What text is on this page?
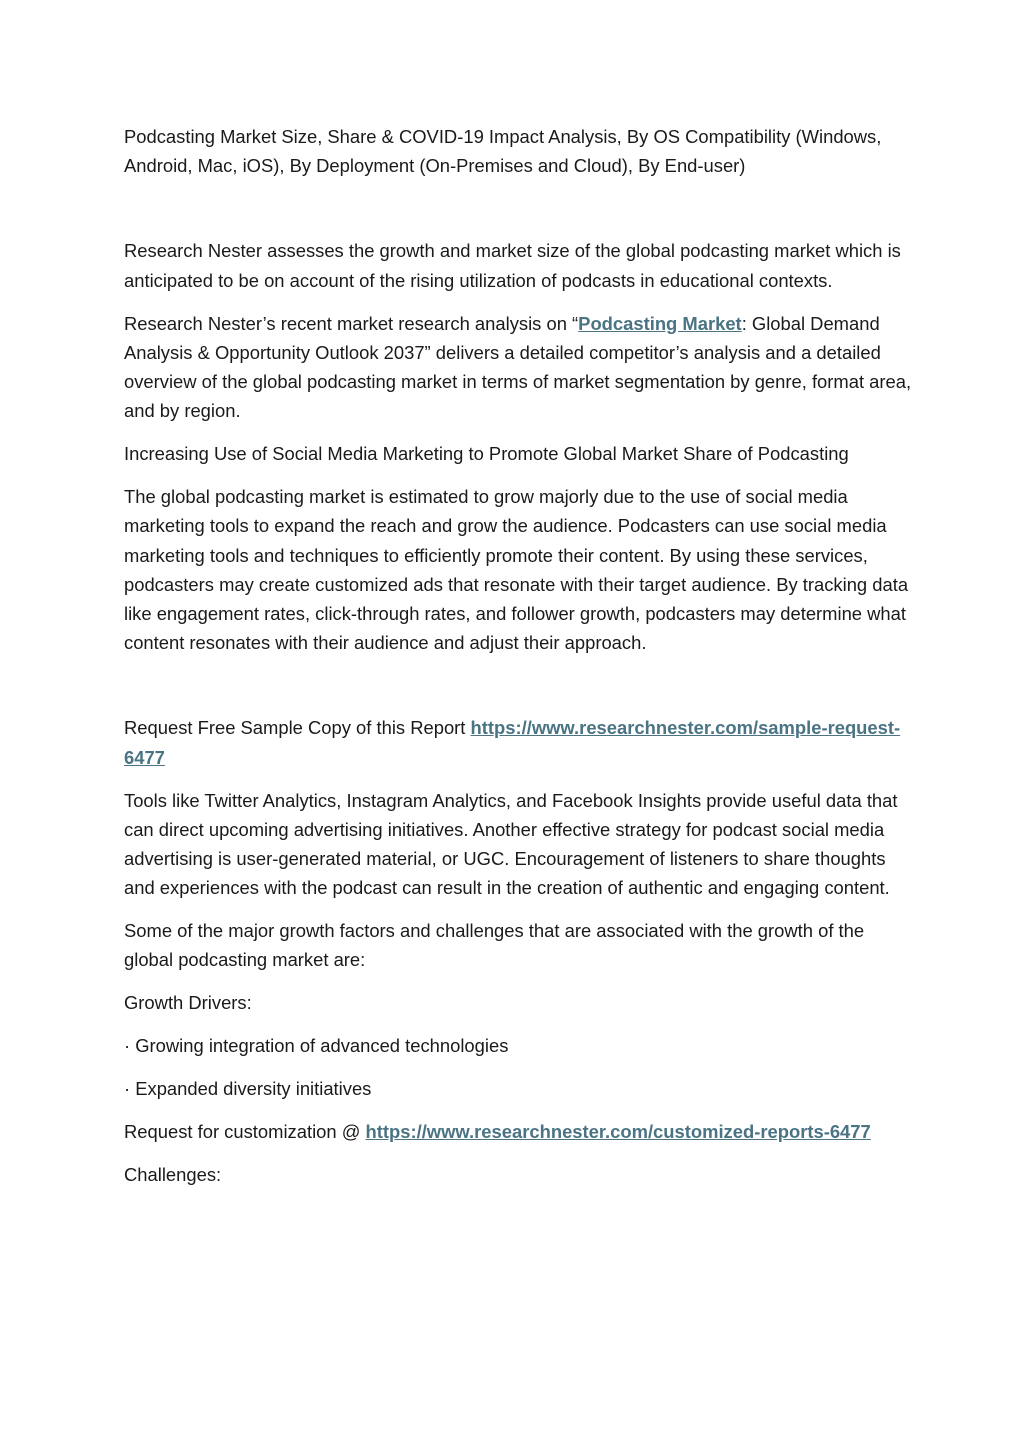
Podcasting Market Size, Share & COVID-19 Impact Analysis, By OS Compatibility (Windows, Android, Mac, iOS), By Deployment (On-Premises and Cloud), By End-user)

Research Nester assesses the growth and market size of the global podcasting market which is anticipated to be on account of the rising utilization of podcasts in educational contexts.

Research Nester’s recent market research analysis on “Podcasting Market: Global Demand Analysis & Opportunity Outlook 2037” delivers a detailed competitor’s analysis and a detailed overview of the global podcasting market in terms of market segmentation by genre, format area, and by region.

Increasing Use of Social Media Marketing to Promote Global Market Share of Podcasting

The global podcasting market is estimated to grow majorly due to the use of social media marketing tools to expand the reach and grow the audience. Podcasters can use social media marketing tools and techniques to efficiently promote their content. By using these services, podcasters may create customized ads that resonate with their target audience. By tracking data like engagement rates, click-through rates, and follower growth, podcasters may determine what content resonates with their audience and adjust their approach.

Request Free Sample Copy of this Report https://www.researchnester.com/sample-request-6477

Tools like Twitter Analytics, Instagram Analytics, and Facebook Insights provide useful data that can direct upcoming advertising initiatives. Another effective strategy for podcast social media advertising is user-generated material, or UGC. Encouragement of listeners to share thoughts and experiences with the podcast can result in the creation of authentic and engaging content.

Some of the major growth factors and challenges that are associated with the growth of the global podcasting market are:

Growth Drivers:

· Growing integration of advanced technologies

· Expanded diversity initiatives

Request for customization @ https://www.researchnester.com/customized-reports-6477

Challenges:
